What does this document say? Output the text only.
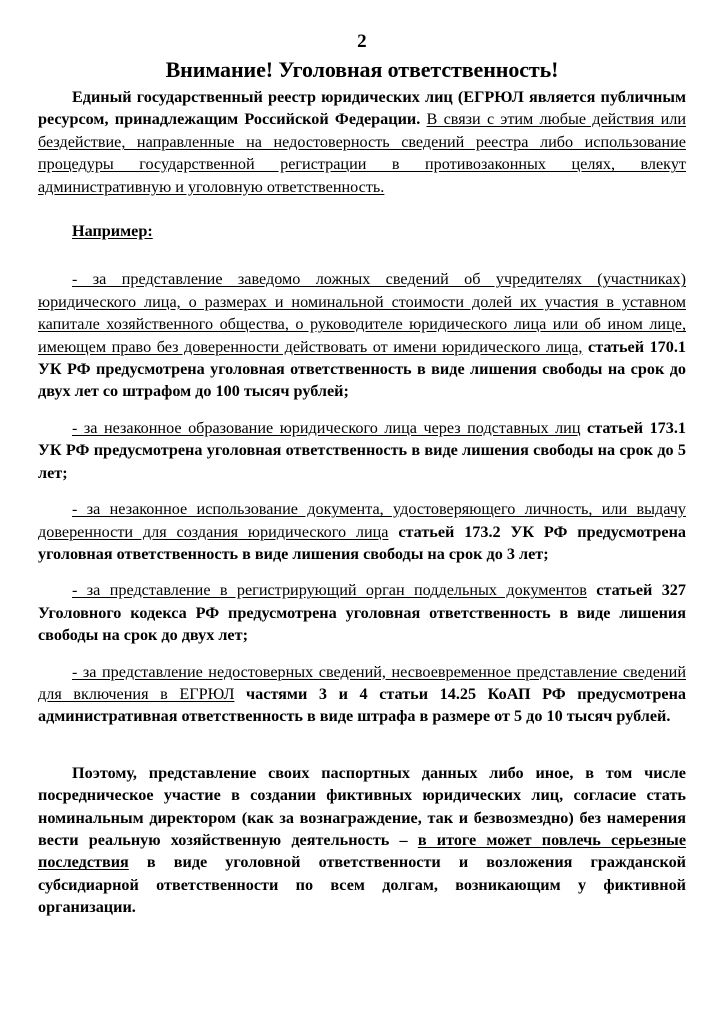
2
Внимание! Уголовная ответственность!

Единый государственный реестр юридических лиц (ЕГРЮЛ является публичным ресурсом, принадлежащим Российской Федерации. В связи с этим любые действия или бездействие, направленные на недостоверность сведений реестра либо использование процедуры государственной регистрации в противозаконных целях, влекут административную и уголовную ответственность.

Например:

- за представление заведомо ложных сведений об учредителях (участниках) юридического лица, о размерах и номинальной стоимости долей их участия в уставном капитале хозяйственного общества, о руководителе юридического лица или об ином лице, имеющем право без доверенности действовать от имени юридического лица, статьей 170.1 УК РФ предусмотрена уголовная ответственность в виде лишения свободы на срок до двух лет со штрафом до 100 тысяч рублей;

- за незаконное образование юридического лица через подставных лиц статьей 173.1 УК РФ предусмотрена уголовная ответственность в виде лишения свободы на срок до 5 лет;

- за незаконное использование документа, удостоверяющего личность, или выдачу доверенности для создания юридического лица статьей 173.2 УК РФ предусмотрена уголовная ответственность в виде лишения свободы на срок до 3 лет;

- за представление в регистрирующий орган поддельных документов статьей 327 Уголовного кодекса РФ предусмотрена уголовная ответственность в виде лишения свободы на срок до двух лет;

- за представление недостоверных сведений, несвоевременное представление сведений для включения в ЕГРЮЛ частями 3 и 4 статьи 14.25 КоАП РФ предусмотрена административная ответственность в виде штрафа в размере от 5 до 10 тысяч рублей.

Поэтому, представление своих паспортных данных либо иное, в том числе посредническое участие в создании фиктивных юридических лиц, согласие стать номинальным директором (как за вознаграждение, так и безвозмездно) без намерения вести реальную хозяйственную деятельность – в итоге может повлечь серьезные последствия в виде уголовной ответственности и возложения гражданской субсидиарной ответственности по всем долгам, возникающим у фиктивной организации.
